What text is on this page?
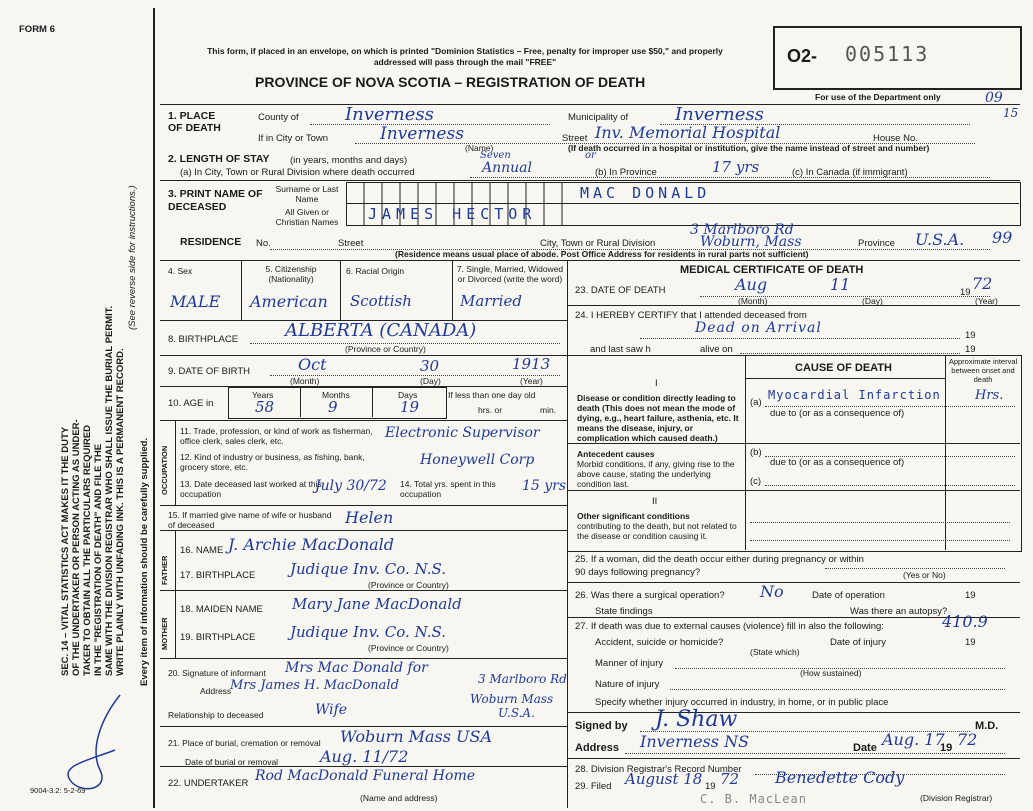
FORM 6
SEC. 14 – VITAL STATISTICS ACT MAKES IT THE DUTY OF THE UNDERTAKER OR PERSON ACTING AS UNDER- TAKER TO OBTAIN ALL THE PARTICULARS REQUIRED IN THE "REGISTRATION OF DEATH" AND FILE THE SAME WITH THE DIVISION REGISTRAR WHO SHALL ISSUE THE BURIAL PERMIT. WRITE PLAINLY WITH UNFADING INK. THIS IS A PERMANENT RECORD.
(See reverse side for instructions.)
Every item of information should be carefully supplied.
9004-3.2: 5-2-69
This form, if placed in an envelope, on which is printed "Dominion Statistics – Free, penalty for improper use $50," and properly addressed will pass through the mail "FREE"
PROVINCE OF NOVA SCOTIA – REGISTRATION OF DEATH
O2- 005113
For use of the Department only	09
15
1. PLACE OF DEATH
County of	Inverness	Municipality of	Inverness
If in City or Town	Inverness
(Name)
Street Inv. Memorial Hospital	House No.
(If death occurred in a hospital or institution, give the name instead of street and number)
2. LENGTH OF STAY (in years, months and days)
(a) In City, Town or Rural Division where death occurred
Seven
Annual
or
(b) In Province	17 yrs	(c) In Canada (if immigrant)
3. PRINT NAME OF DECEASED
Surname or Last Name
All Given or Christian Names
MAC DONALD
JAMES HECTOR
RESIDENCE No.	Street	City, Town or Rural Division
3 Marlboro Rd
Woburn, Mass	Province U.S.A. 99
(Residence means usual place of abode. Post Office Address for residents in rural parts not sufficient)
4. Sex	5. Citizenship (Nationality)
6. Racial Origin	7. Single, Married, Widowed or Divorced (write the word)
MALE American Scottish	Married
8. BIRTHPLACE	ALBERTA (CANADA)
(Province or Country)
9. DATE OF BIRTH	Oct	30	1913
(Month)	(Day)	(Year)
10. AGE in
Years	Months	Days
58	9	19
If less than one day old
hrs. or	min.
OCCUPATION
11. Trade, profession, or kind of work as fisherman, office clerk, sales clerk, etc.	Electronic Supervisor
12. Kind of industry or business, as fishing, bank, grocery store, etc.	Honeywell Corp
13. Date deceased last worked at this occupation	July 30/72 14. Total yrs. spent in this occupation	15 yrs
15. If married give name of wife or husband of deceased	Helen
FATHER
16. NAME J. Archie MacDonald
17. BIRTHPLACE Judique Inv. Co. N.S.
(Province or Country)
MOTHER
18. MAIDEN NAME Mary Jane MacDonald
19. BIRTHPLACE Judique Inv. Co. N.S.
(Province or Country)
20. Signature of informant Mrs Mac Donald for
Address
Mrs James H. MacDonald	3 Marlboro Rd
Woburn Mass
U.S.A.
Relationship to deceased	Wife
21. Place of burial, cremation or removal Woburn Mass USA
Date of burial or removal	Aug. 11/72
22. UNDERTAKER Rod MacDonald Funeral Home
(Name and address)
MEDICAL CERTIFICATE OF DEATH
23. DATE OF DEATH	Aug	11	19 72
(Month)	(Day)	(Year)
24. I HEREBY CERTIFY that I attended deceased from
Dead on Arrival	19
and last saw h	alive on	19
CAUSE OF DEATH
Approximate interval between onset and death
I
Disease or condition directly leading to death (This does not mean the mode of dying, e.g., heart failure, asthenia, etc. It means the disease, injury, or complication which caused death.)
(a)
Myocardial Infarction	Hrs.
due to (or as a consequence of)
Antecedent causes
Morbid conditions, if any, giving rise to the above cause, stating the underlying condition last.
(b)
due to (or as a consequence of)
(c)
II
Other significant conditions
contributing to the death, but not related to the disease or condition causing it.
25. If a woman, did the death occur either during pregnancy or within 90 days following pregnancy?	(Yes or No)
26. Was there a surgical operation? No	Date of operation	19
State findings	Was there an autopsy?
27. If death was due to external causes (violence) fill in also the following:	410.9
Accident, suicide or homicide?	Date of injury	19
(State which)
Manner of injury
(How sustained)
Nature of injury
Specify whether injury occurred in industry, in home, or in public place
Signed by J. Shaw	M.D.
Address Inverness NS	Date Aug. 17
19 72
28. Division Registrar's Record Number
29. Filed August 18 19 72 Benedette Cody
(Division Registrar)
C. B. MacLean
